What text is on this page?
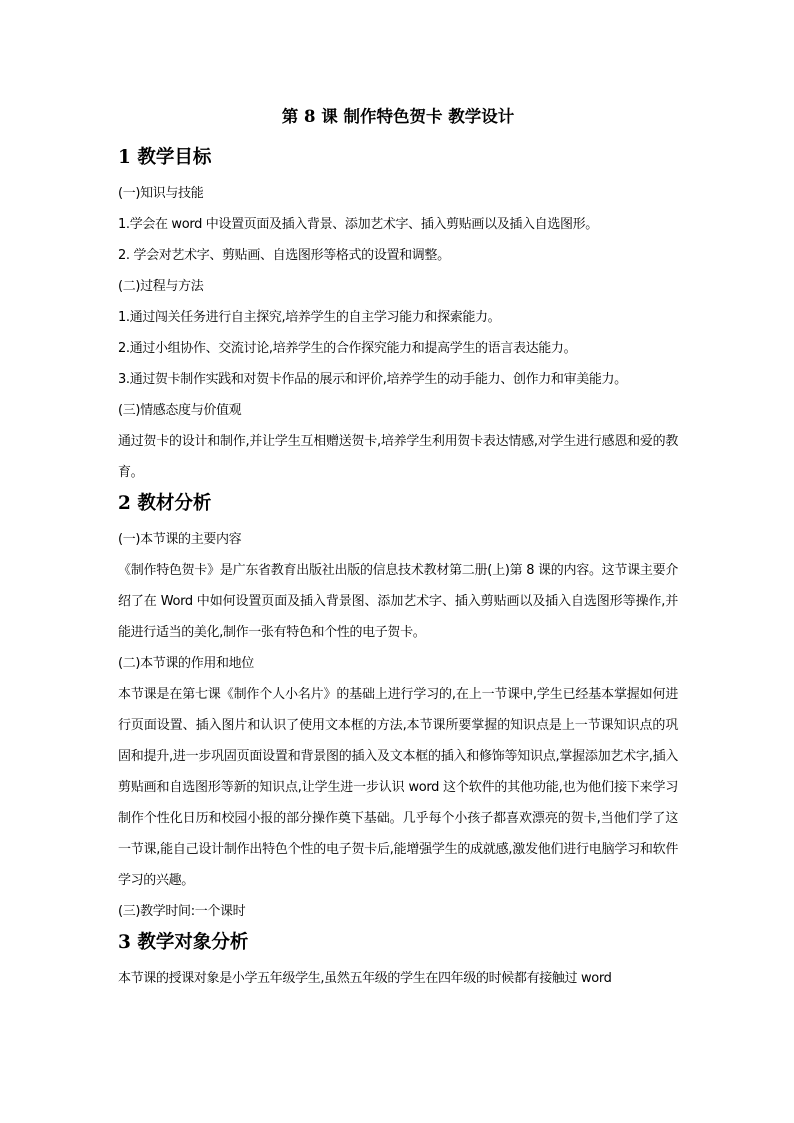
第 8 课 制作特色贺卡 教学设计
1 教学目标

(一)知识与技能

1.学会在 word 中设置页面及插入背景、添加艺术字、插入剪贴画以及插入自选图形。

2. 学会对艺术字、剪贴画、自选图形等格式的设置和调整。

(二)过程与方法

1.通过闯关任务进行自主探究,培养学生的自主学习能力和探索能力。

2.通过小组协作、交流讨论,培养学生的合作探究能力和提高学生的语言表达能力。

3.通过贺卡制作实践和对贺卡作品的展示和评价,培养学生的动手能力、创作力和审美能力。

(三)情感态度与价值观

通过贺卡的设计和制作,并让学生互相赠送贺卡,培养学生利用贺卡表达情感,对学生进行感恩和爱的教育。

2 教材分析

(一)本节课的主要内容

《制作特色贺卡》是广东省教育出版社出版的信息技术教材第二册(上)第 8 课的内容。这节课主要介绍了在 Word 中如何设置页面及插入背景图、添加艺术字、插入剪贴画以及插入自选图形等操作,并能进行适当的美化,制作一张有特色和个性的电子贺卡。

(二)本节课的作用和地位

本节课是在第七课《制作个人小名片》的基础上进行学习的,在上一节课中,学生已经基本掌握如何进行页面设置、插入图片和认识了使用文本框的方法,本节课所要掌握的知识点是上一节课知识点的巩固和提升,进一步巩固页面设置和背景图的插入及文本框的插入和修饰等知识点,掌握添加艺术字,插入剪贴画和自选图形等新的知识点,让学生进一步认识 word 这个软件的其他功能,也为他们接下来学习制作个性化日历和校园小报的部分操作奠下基础。几乎每个小孩子都喜欢漂亮的贺卡,当他们学了这一节课,能自己设计制作出特色个性的电子贺卡后,能增强学生的成就感,激发他们进行电脑学习和软件学习的兴趣。

(三)教学时间:一个课时

3 教学对象分析

本节课的授课对象是小学五年级学生,虽然五年级的学生在四年级的时候都有接触过 word
